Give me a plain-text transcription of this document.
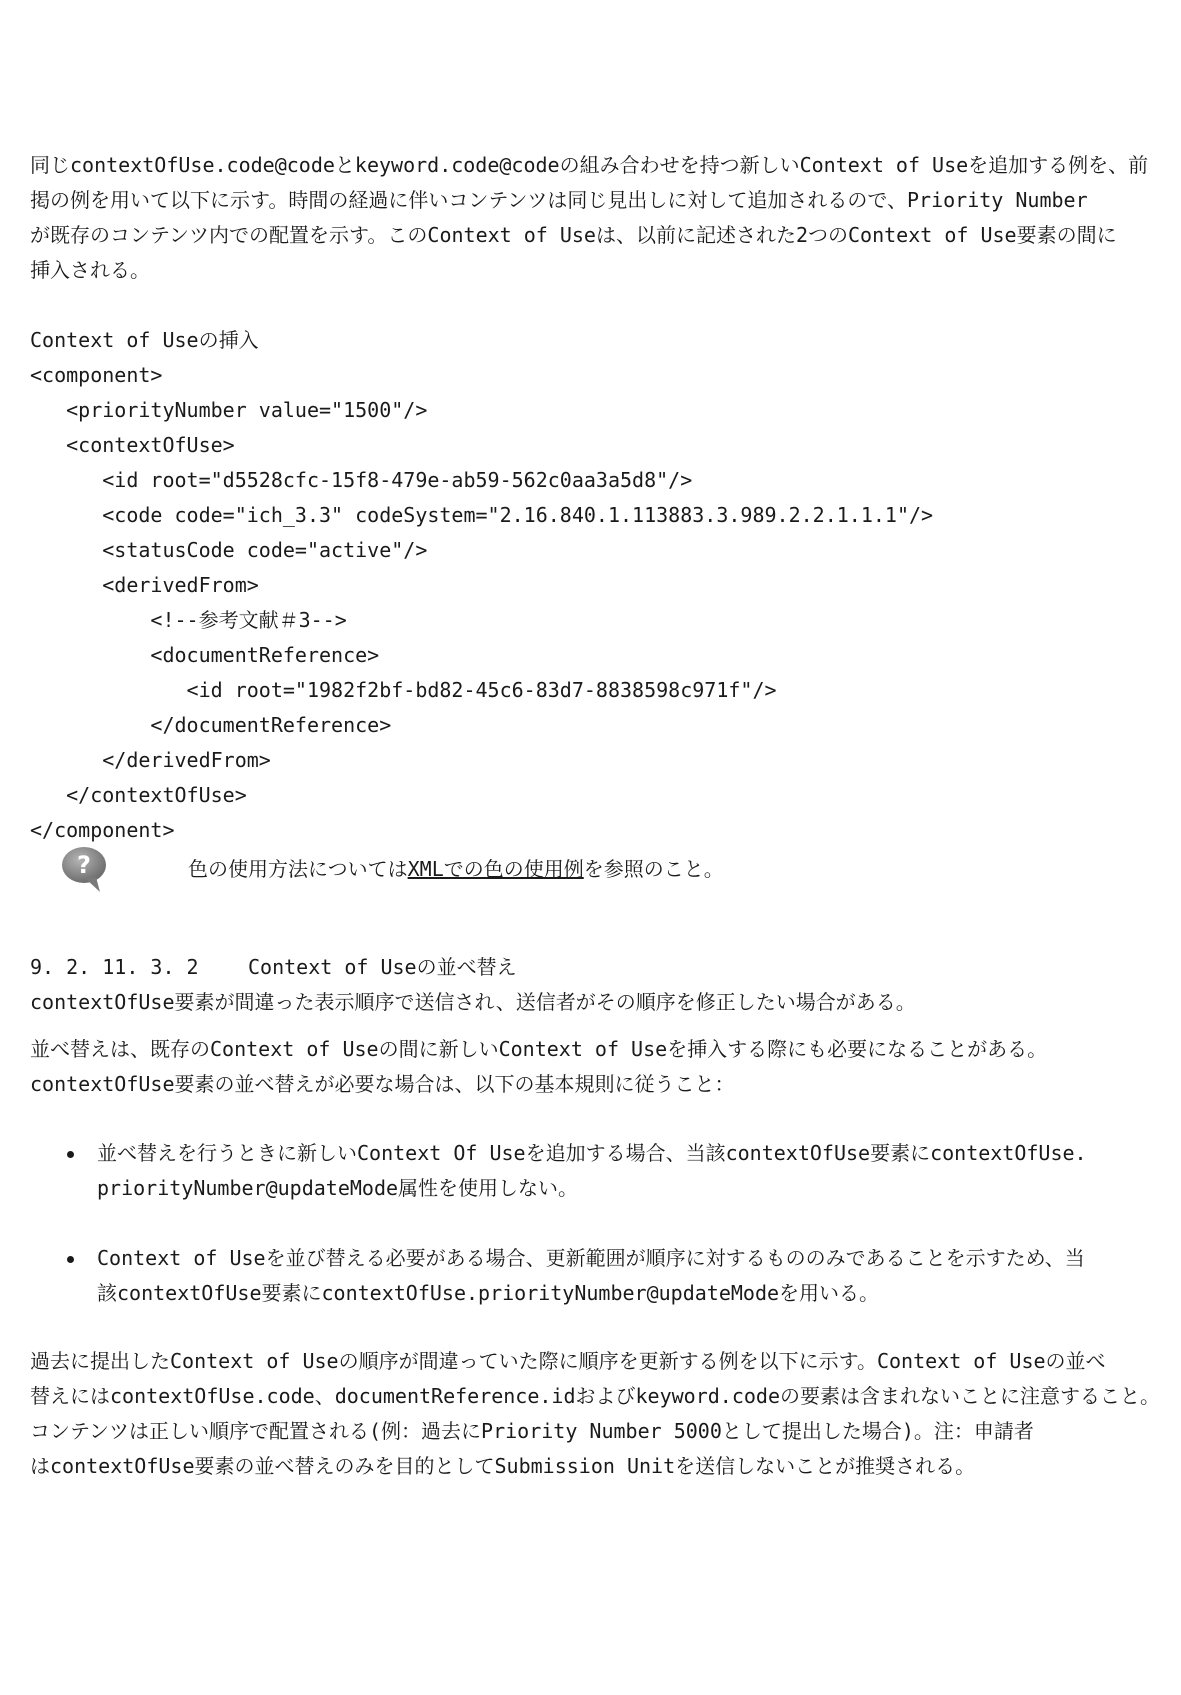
同じcontextOfUse.code@codeとkeyword.code@codeの組み合わせを持つ新しいContext of Useを追加する例を、前
掲の例を用いて以下に示す。時間の経過に伴いコンテンツは同じ見出しに対して追加されるので、Priority Number
が既存のコンテンツ内での配置を示す。このContext of Useは、以前に記述された2つのContext of Use要素の間に
挿入される。

Context of Useの挿入
<component>
<priorityNumber value="1500"/>
<contextOfUse>
<id root="d5528cfc-15f8-479e-ab59-562c0aa3a5d8"/>
<code code="ich_3.3" codeSystem="2.16.840.1.113883.3.989.2.2.1.1.1"/>
<statusCode code="active"/>
<derivedFrom>
<!--参考文献＃3-->
<documentReference>
<id root="1982f2bf-bd82-45c6-83d7-8838598c971f"/>
</documentReference>
</derivedFrom>
</contextOfUse>
</component>
?	色の使用方法についてはXMLでの色の使用例を参照のこと。
9. 2. 11. 3. 2 Context of Useの並べ替え

contextOfUse要素が間違った表示順序で送信され、送信者がその順序を修正したい場合がある。

並べ替えは、既存のContext of Useの間に新しいContext of Useを挿入する際にも必要になることがある。
contextOfUse要素の並べ替えが必要な場合は、以下の基本規則に従うこと：

並べ替えを行うときに新しいContext Of Useを追加する場合、当該contextOfUse要素にcontextOfUse.
priorityNumber@updateMode属性を使用しない。
Context of Useを並び替える必要がある場合、更新範囲が順序に対するもののみであることを示すため、当
該contextOfUse要素にcontextOfUse.priorityNumber@updateModeを用いる。

過去に提出したContext of Useの順序が間違っていた際に順序を更新する例を以下に示す。Context of Useの並べ
替えにはcontextOfUse.code、documentReference.idおよびkeyword.codeの要素は含まれないことに注意すること。
コンテンツは正しい順序で配置される(例：過去にPriority Number 5000として提出した場合)。注：申請者
はcontextOfUse要素の並べ替えのみを目的としてSubmission Unitを送信しないことが推奨される。
